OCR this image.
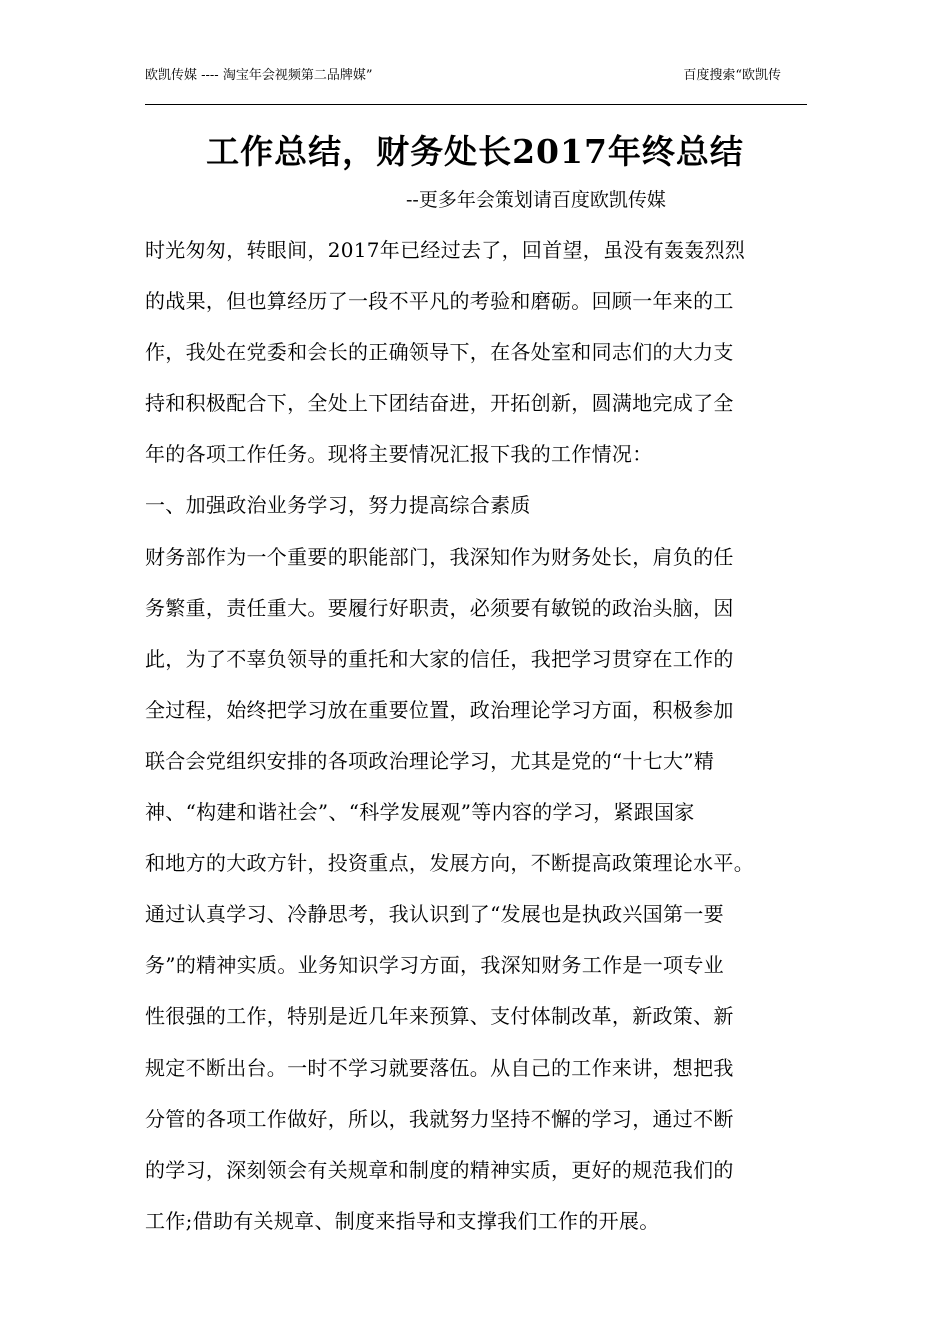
欧凯传媒 ---- 淘宝年会视频第二品牌媒”	百度搜索“欧凯传
工作总结，财务处长2017年终总结
--更多年会策划请百度欧凯传媒
时光匆匆，转眼间，2017年已经过去了，回首望，虽没有轰轰烈烈
的战果，但也算经历了一段不平凡的考验和磨砺。回顾一年来的工
作，我处在党委和会长的正确领导下，在各处室和同志们的大力支
持和积极配合下，全处上下团结奋进，开拓创新，圆满地完成了全
年的各项工作任务。现将主要情况汇报下我的工作情况：
一、加强政治业务学习，努力提高综合素质
财务部作为一个重要的职能部门，我深知作为财务处长，肩负的任
务繁重，责任重大。要履行好职责，必须要有敏锐的政治头脑，因
此，为了不辜负领导的重托和大家的信任，我把学习贯穿在工作的
全过程，始终把学习放在重要位置，政治理论学习方面，积极参加
联合会党组织安排的各项政治理论学习，尤其是党的“十七大”精
神、“构建和谐社会”、“科学发展观”等内容的学习，紧跟国家
和地方的大政方针，投资重点，发展方向，不断提高政策理论水平。
通过认真学习、冷静思考，我认识到了“发展也是执政兴国第一要
务”的精神实质。业务知识学习方面，我深知财务工作是一项专业
性很强的工作，特别是近几年来预算、支付体制改革，新政策、新
规定不断出台。一时不学习就要落伍。从自己的工作来讲，想把我
分管的各项工作做好，所以，我就努力坚持不懈的学习，通过不断
的学习，深刻领会有关规章和制度的精神实质，更好的规范我们的
工作;借助有关规章、制度来指导和支撑我们工作的开展。
